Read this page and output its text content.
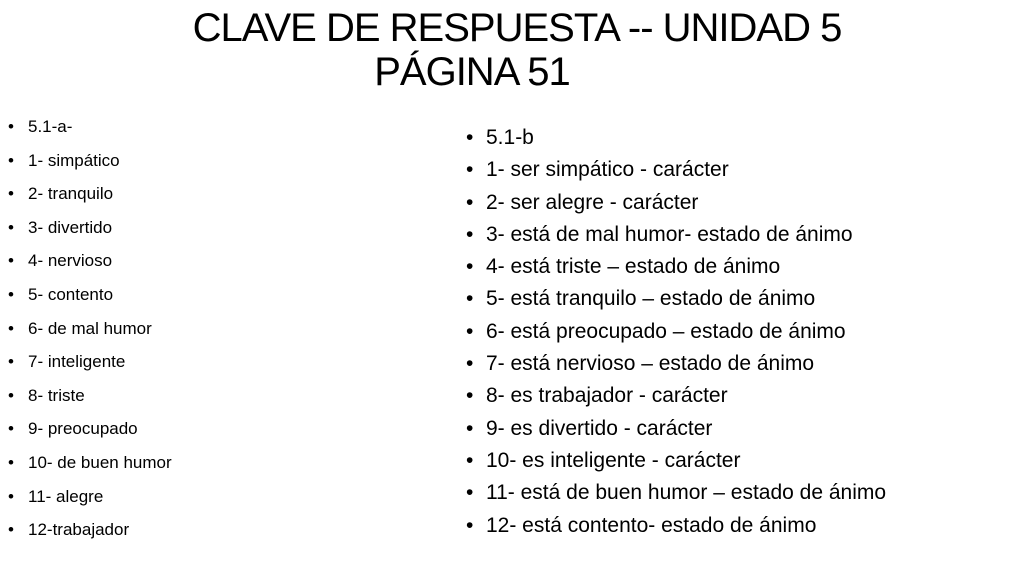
CLAVE DE RESPUESTA -- UNIDAD 5
PÁGINA 51
• 5.1-a-
• 1- simpático
• 2- tranquilo
• 3- divertido
• 4- nervioso
• 5- contento
• 6- de mal humor
• 7- inteligente
• 8- triste
• 9- preocupado
• 10- de buen humor
• 11- alegre
• 12-trabajador
• 5.1-b
• 1- ser simpático - carácter
• 2- ser alegre - carácter
• 3- está de mal humor- estado de ánimo
• 4- está triste – estado de ánimo
• 5- está tranquilo – estado de ánimo
• 6- está preocupado – estado de ánimo
• 7- está nervioso – estado de ánimo
• 8- es trabajador - carácter
• 9- es divertido - carácter
• 10- es inteligente - carácter
• 11- está de buen humor – estado de ánimo
• 12- está contento- estado de ánimo
